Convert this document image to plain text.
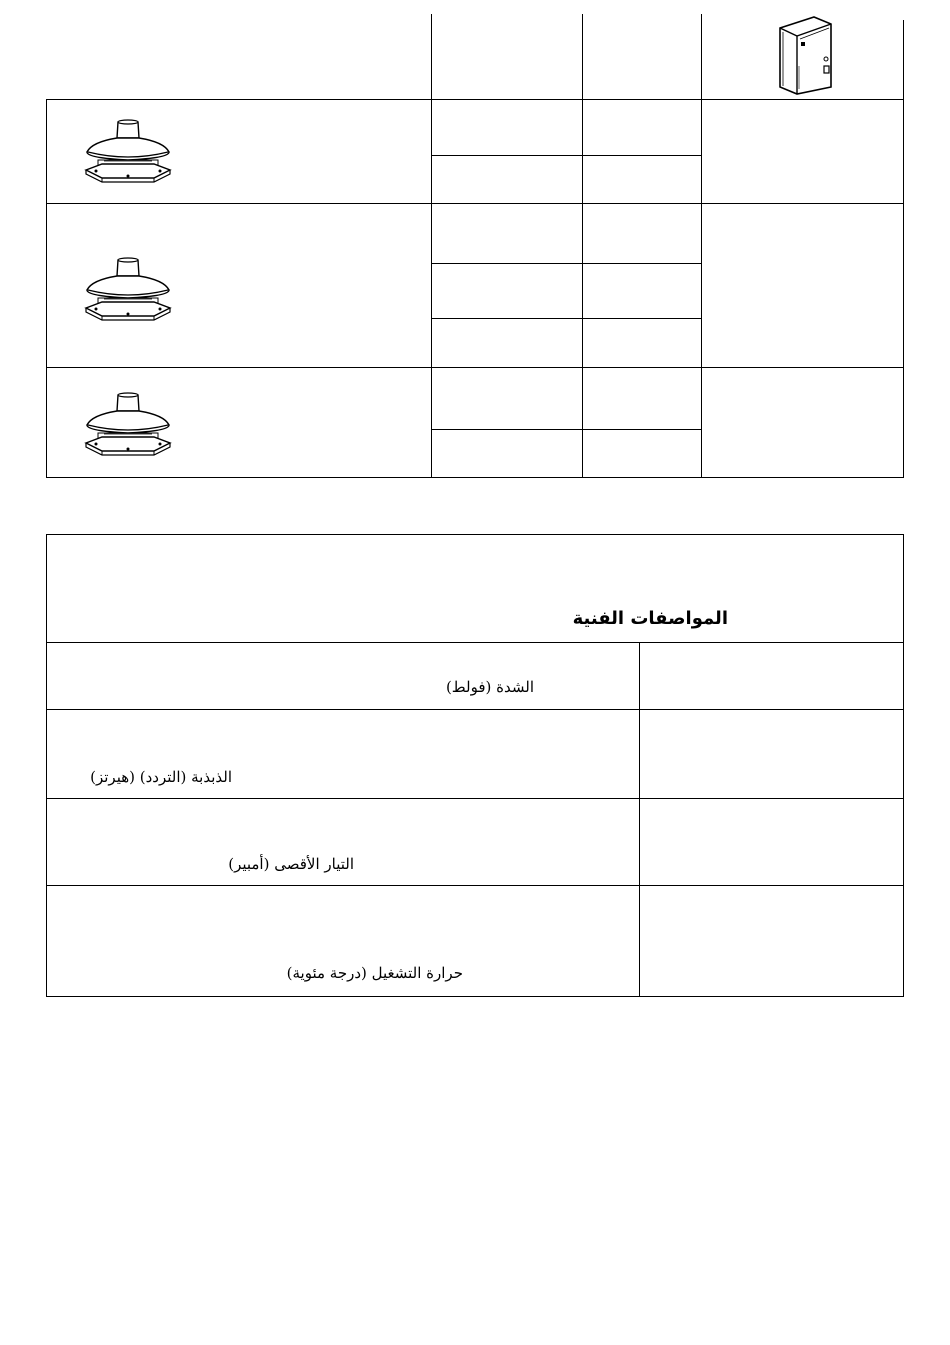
المواصفات الفنية
الشدة (فولط)
الذبذبة (التردد) (هيرتز)
التيار الأقصى (أمبير)
حرارة التشغيل (درجة مئوية)
